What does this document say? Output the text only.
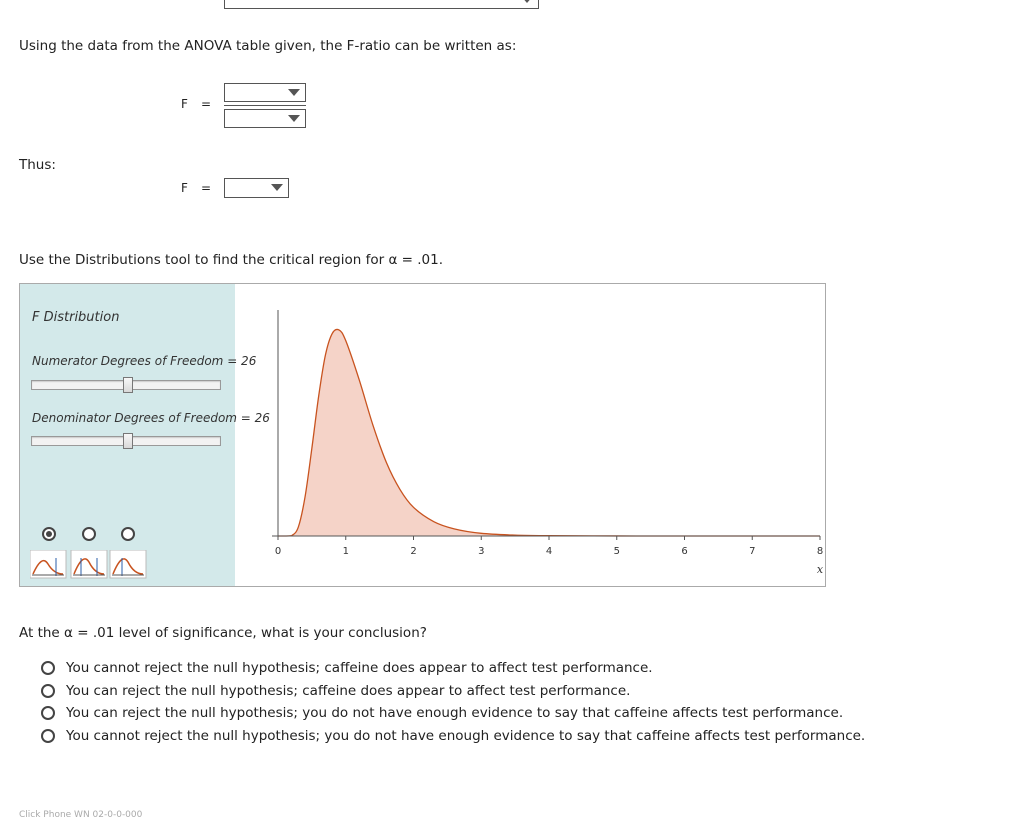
Using the data from the ANOVA table given, the F-ratio can be written as:
F =
Thus:
F =
Use the Distributions tool to find the critical region for α = .01.
F Distribution
Numerator Degrees of Freedom = 26
Denominator Degrees of Freedom = 26
0	1	2	3	4	5	6	7	8
x
At the α = .01 level of significance, what is your conclusion?
You cannot reject the null hypothesis; caffeine does appear to affect test performance.
You can reject the null hypothesis; caffeine does appear to affect test performance.
You can reject the null hypothesis; you do not have enough evidence to say that caffeine affects test performance.
You cannot reject the null hypothesis; you do not have enough evidence to say that caffeine affects test performance.
Click Phone WN 02-0-0-000
